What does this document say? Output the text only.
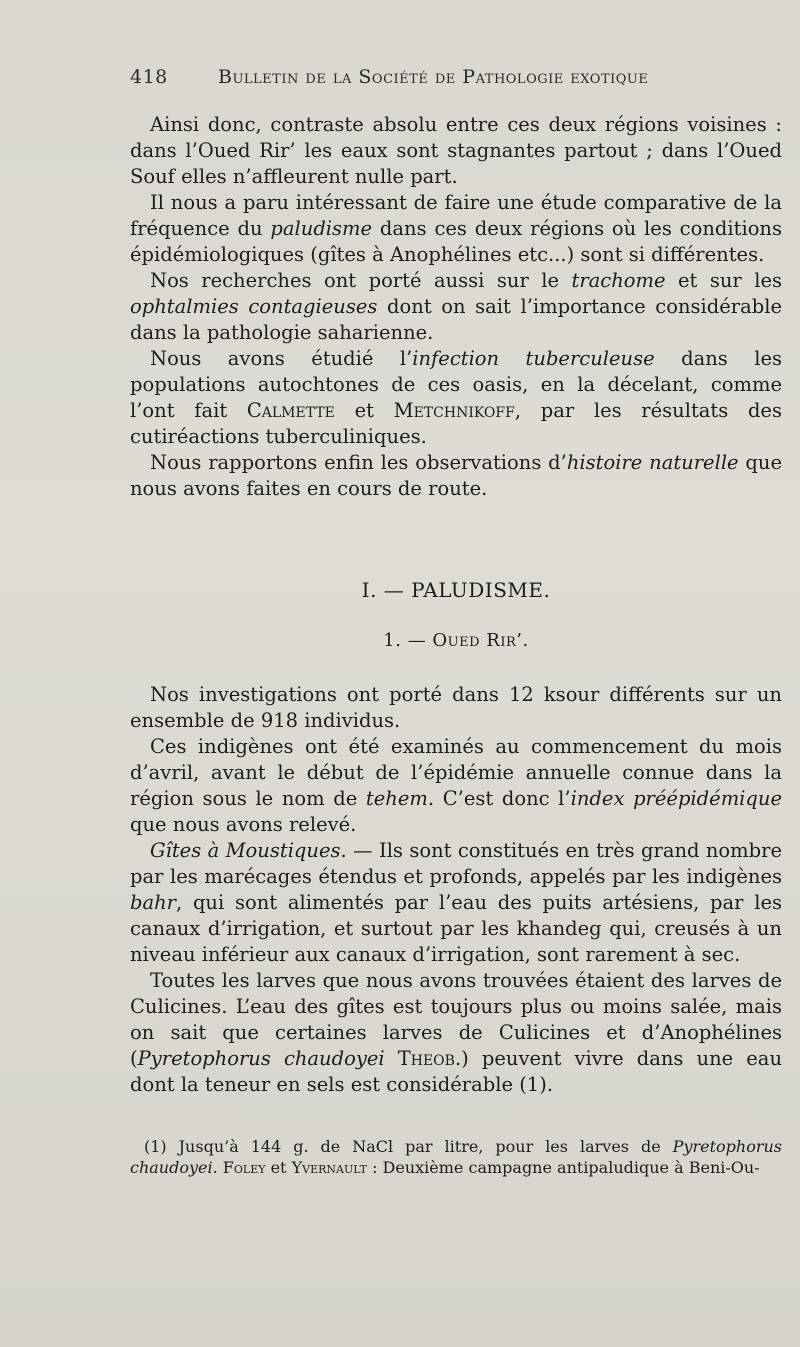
418	Bulletin de la Société de Pathologie exotique

Ainsi donc, contraste absolu entre ces deux régions voisines : dans l’Oued Rir’ les eaux sont stagnantes partout ; dans l’Oued Souf elles n’affleurent nulle part.

Il nous a paru intéressant de faire une étude comparative de la fréquence du paludisme dans ces deux régions où les conditions épidémiologiques (gîtes à Anophélines etc...) sont si différentes.

Nos recherches ont porté aussi sur le trachome et sur les ophtalmies contagieuses dont on sait l’importance considérable dans la pathologie saharienne.

Nous avons étudié l’infection tuberculeuse dans les populations autochtones de ces oasis, en la décelant, comme l’ont fait Calmette et Metchnikoff, par les résultats des cutiréactions tuberculiniques.

Nous rapportons enfin les observations d’histoire naturelle que nous avons faites en cours de route.

I. — PALUDISME.
1. — Oued Rir’.

Nos investigations ont porté dans 12 ksour différents sur un ensemble de 918 individus.

Ces indigènes ont été examinés au commencement du mois d’avril, avant le début de l’épidémie annuelle connue dans la région sous le nom de tehem. C’est donc l’index préépidémique que nous avons relevé.

Gîtes à Moustiques. — Ils sont constitués en très grand nombre par les marécages étendus et profonds, appelés par les indigènes bahr, qui sont alimentés par l’eau des puits artésiens, par les canaux d’irrigation, et surtout par les khandeg qui, creusés à un niveau inférieur aux canaux d’irrigation, sont rarement à sec.

Toutes les larves que nous avons trouvées étaient des larves de Culicines. L’eau des gîtes est toujours plus ou moins salée, mais on sait que certaines larves de Culicines et d’Anophélines (Pyretophorus chaudoyei Theob.) peuvent vivre dans une eau dont la teneur en sels est considérable (1).

(1) Jusqu’à 144 g. de NaCl par litre, pour les larves de Pyretophorus chaudoyei. Foley et Yvernault : Deuxième campagne antipaludique à Beni-Ou-
